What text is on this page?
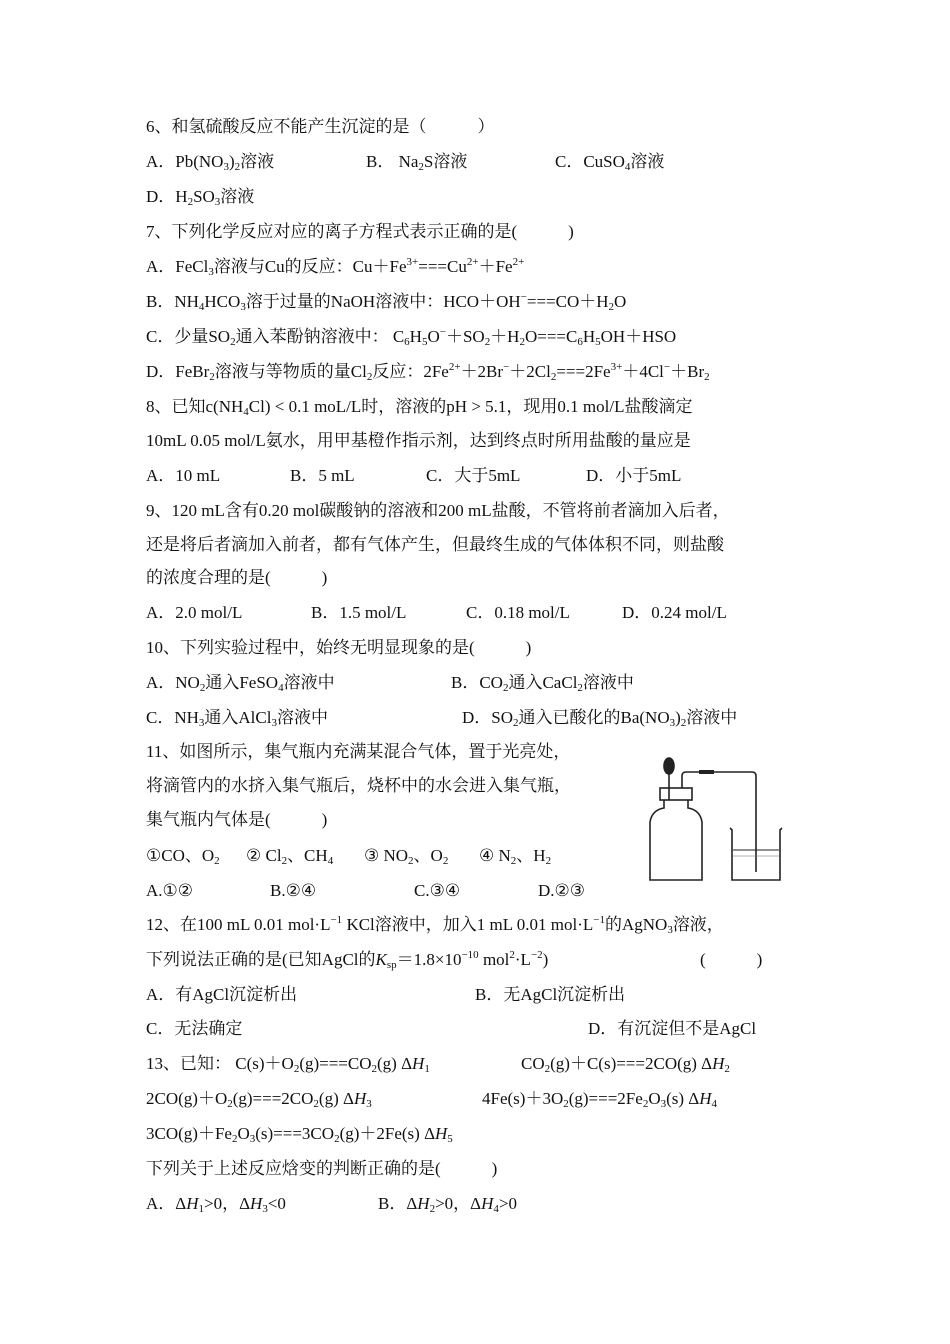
6、和氢硫酸反应不能产生沉淀的是（　　　）
A．$Pb(NO_3)_2$溶液	B． $Na_2S$溶液	C．CuSO$_4$溶液
D．$H_2SO_3$溶液
7、下列化学反应对应的离子方程式表示正确的是(　　　)
A．FeCl$_3$溶液与Cu的反应：$Cu+Fe^{3+}===Cu^{2+}+Fe^{2+}$
B．$NH_4HCO_3$溶于过量的NaOH溶液中：$HCO+OH^-===CO+H_2O$
C．少量$SO_2$通入苯酚钠溶液中： $C_6H_5O^-+SO_2+H_2O===C_6H_5OH+HSO$
D．FeBr$_2$溶液与等物质的量$Cl_2$反应：$2Fe^{2+}+2Br^-+2Cl_2===2Fe^{3+}+4Cl^-+Br_2$
8、已知$c(NH_4Cl) < 0.1$ moL/L时，溶液的pH > 5.1，现用0.1 mol/L盐酸滴定
10mL 0.05 mol/L氨水，用甲基橙作指示剂，达到终点时所用盐酸的量应是
A．10 mL	B．5 mL	C．大于5mL	D．小于5mL
9、120 mL含有0.20 mol碳酸钠的溶液和200 mL盐酸，不管将前者滴加入后者，
还是将后者滴加入前者，都有气体产生，但最终生成的气体体积不同，则盐酸
的浓度合理的是(　　　)
A．2.0 mol/L	B．1.5 mol/L	C．0.18 mol/L	D．0.24 mol/L
10、下列实验过程中，始终无明显现象的是(　　　)
A．$NO_2$通入FeSO$_4$溶液中	B．$CO_2$通入CaCl$_2$溶液中
C．$NH_3$通入AlCl$_3$溶液中	D．$SO_2$通入已酸化的$Ba(NO_3)_2$溶液中
11、如图所示，集气瓶内充满某混合气体，置于光亮处，
将滴管内的水挤入集气瓶后，烧杯中的水会进入集气瓶，
集气瓶内气体是(　　　)
①CO、$O_2$ ② $Cl_2$、$CH_4$ ③ $NO_2$、$O_2$ ④ $N_2$、$H_2$
A.①②	B.②④	C.③④	D.②③
12、在100 mL 0.01 $mol\cdot L^{-1}$ KCl溶液中，加入1 mL 0.01 $mol\cdot L^{-1}$的AgNO$_3$溶液，
下列说法正确的是(已知AgCl的$K_{sp}=1.8\times 10^{-10}$ $mol^2\cdot L^{-2}$)	(　　　)
A．有AgCl沉淀析出	B．无AgCl沉淀析出
C．无法确定	D．有沉淀但不是AgCl
13、已知： $C(s)+O_2(g)===CO_2(g)$ $\Delta H_1$	$CO_2(g)+C(s)===2CO(g)$ $\Delta H_2$
$2CO(g)+O_2(g)===2CO_2(g)$ $\Delta H_3$	$4Fe(s)+3O_2(g)===2Fe_2O_3(s)$ $\Delta H_4$
$3CO(g)+Fe_2O_3(s)===3CO_2(g)+2Fe(s)$ $\Delta H_5$
下列关于上述反应焓变的判断正确的是(　　　)
A．$\Delta H_1>0$，$\Delta H_3<0$	B．$\Delta H_2>0$，$\Delta H_4>0$
